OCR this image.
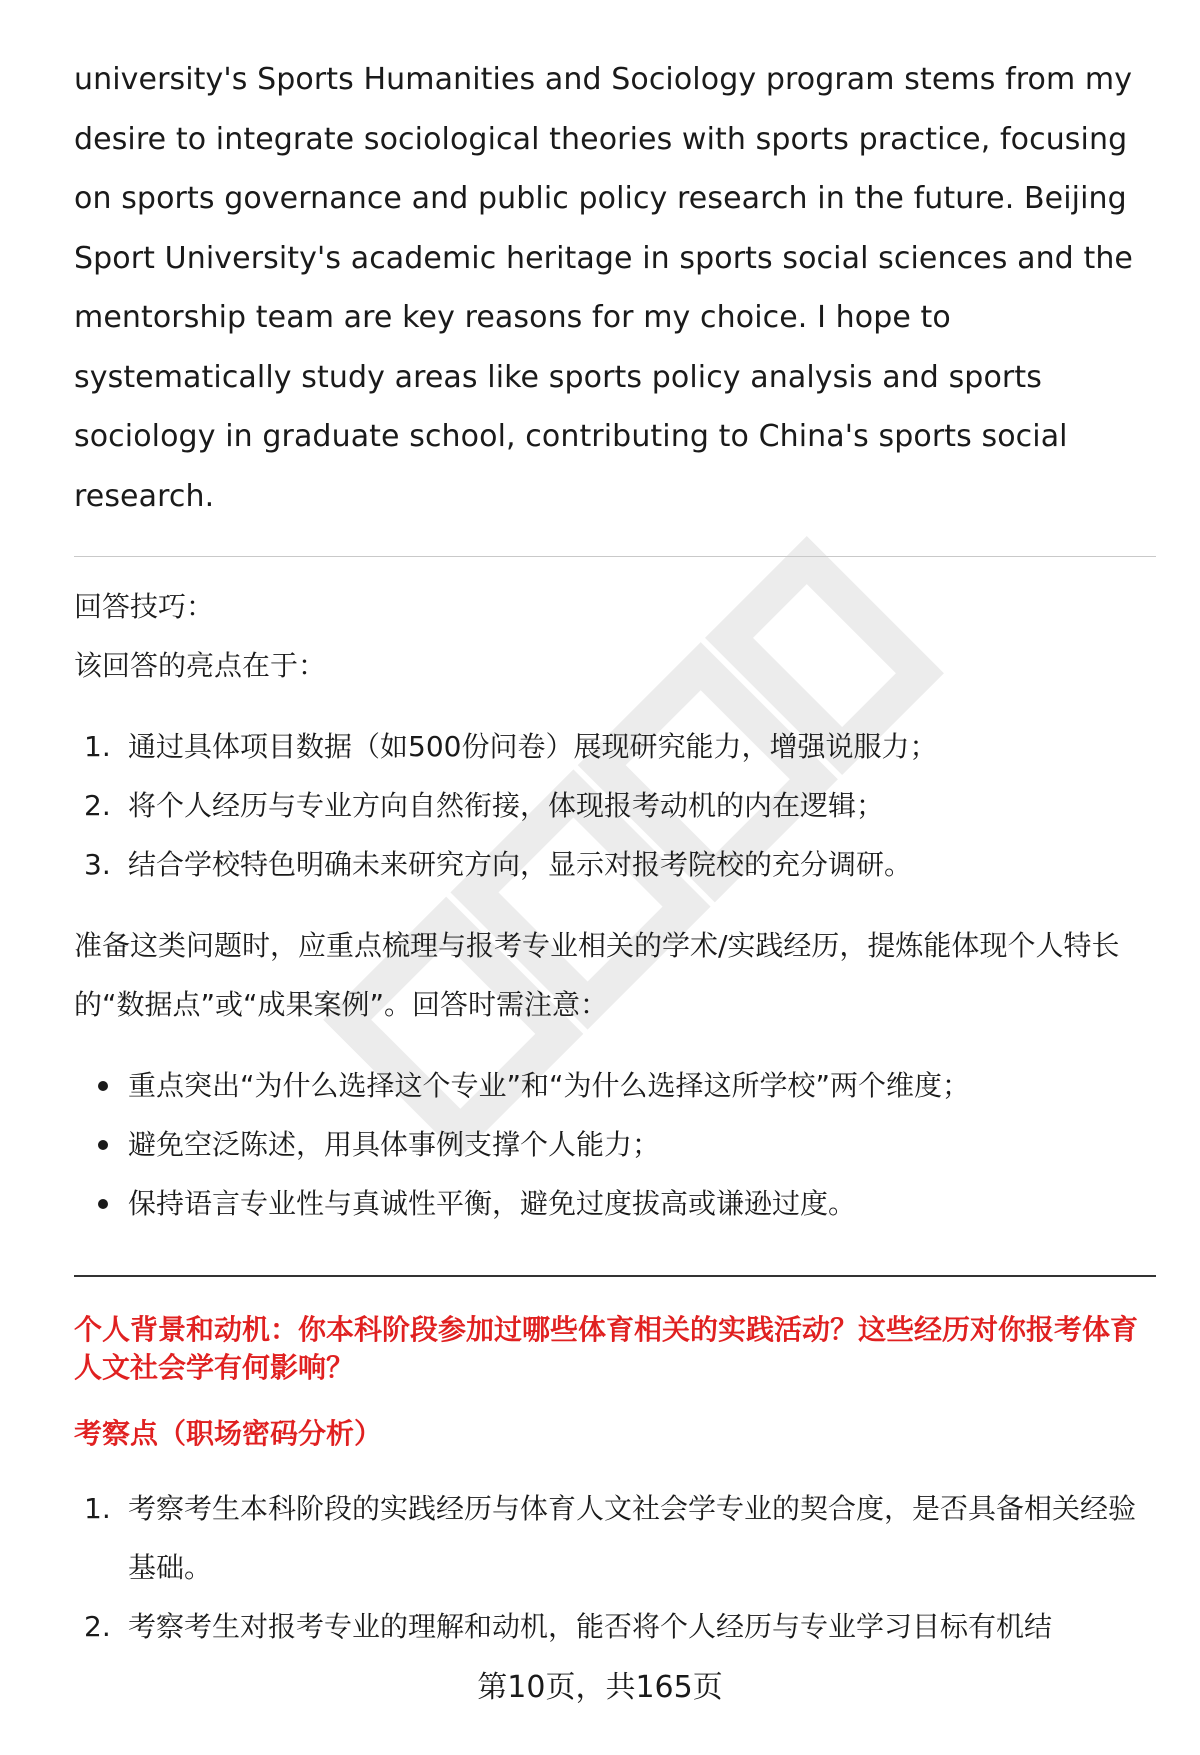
university's Sports Humanities and Sociology program stems from my desire to integrate sociological theories with sports practice, focusing on sports governance and public policy research in the future. Beijing Sport University's academic heritage in sports social sciences and the mentorship team are key reasons for my choice. I hope to systematically study areas like sports policy analysis and sports sociology in graduate school, contributing to China's sports social research.

回答技巧：

该回答的亮点在于：

1. 通过具体项目数据（如500份问卷）展现研究能力，增强说服力；
2. 将个人经历与专业方向自然衔接，体现报考动机的内在逻辑；
3. 结合学校特色明确未来研究方向，显示对报考院校的充分调研。

准备这类问题时，应重点梳理与报考专业相关的学术/实践经历，提炼能体现个人特长的“数据点”或“成果案例”。回答时需注意：

重点突出“为什么选择这个专业”和“为什么选择这所学校”两个维度；
避免空泛陈述，用具体事例支撑个人能力；
保持语言专业性与真诚性平衡，避免过度拔高或谦逊过度。

个人背景和动机：你本科阶段参加过哪些体育相关的实践活动？这些经历对你报考体育人文社会学有何影响？

考察点（职场密码分析）

1. 考察考生本科阶段的实践经历与体育人文社会学专业的契合度，是否具备相关经验基础。
2. 考察考生对报考专业的理解和动机，能否将个人经历与专业学习目标有机结
第10页，共165页
